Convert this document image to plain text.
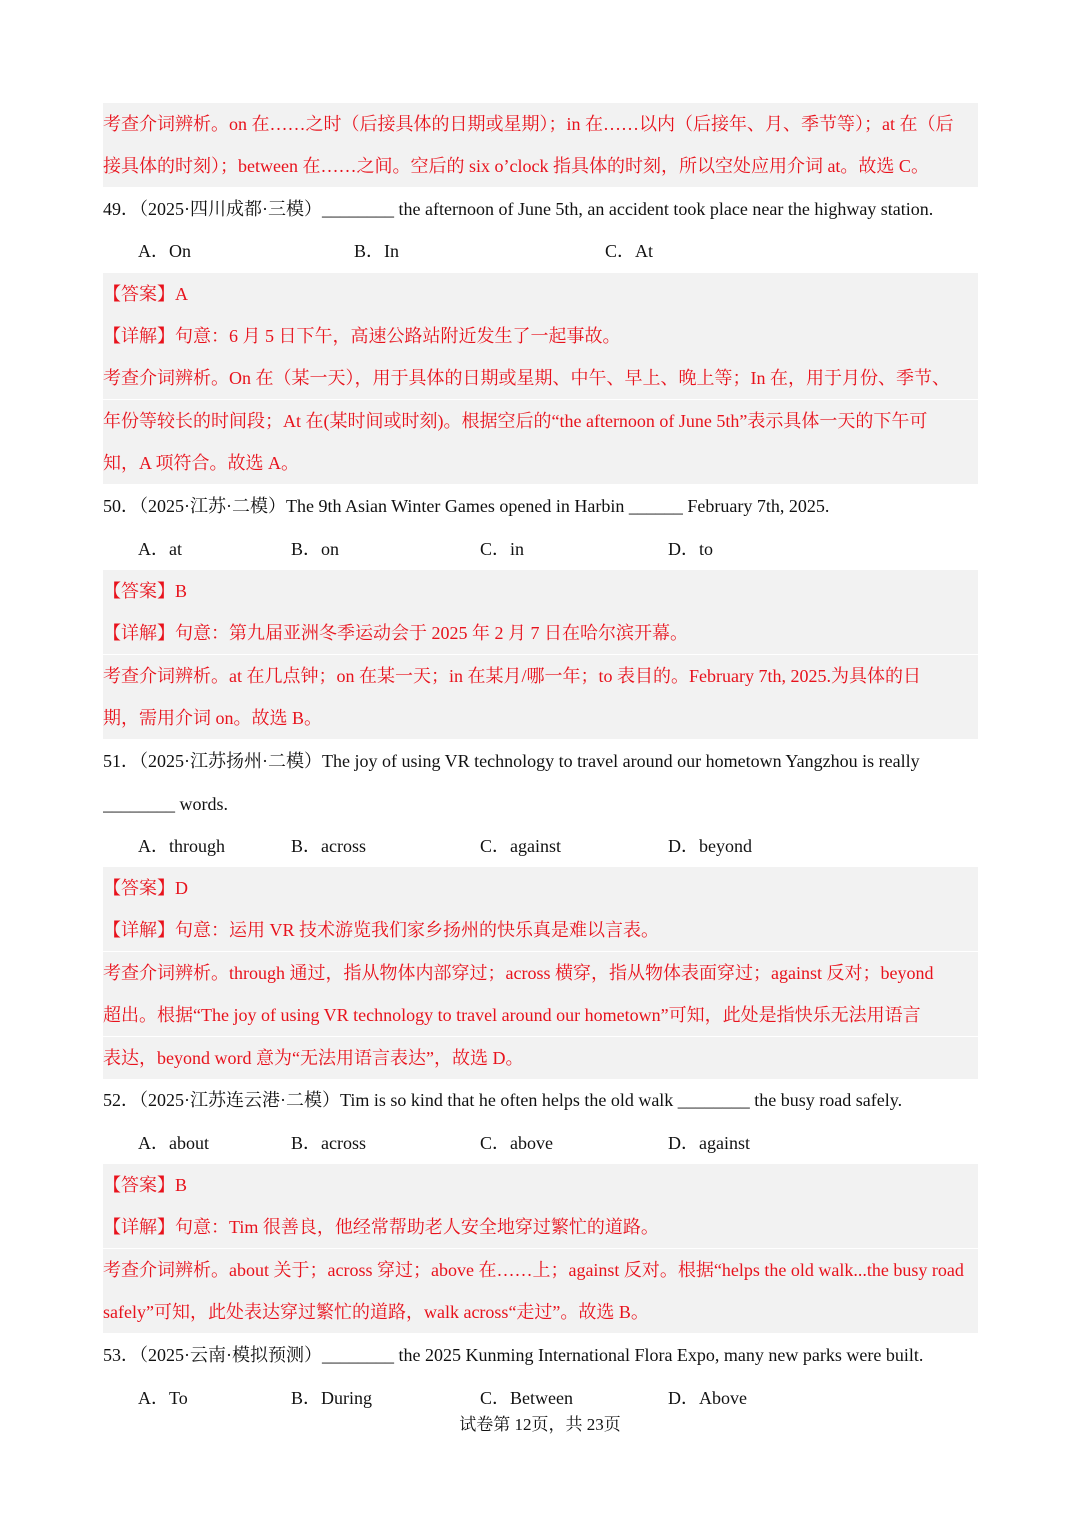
考查介词辨析。on 在……之时（后接具体的日期或星期）；in 在……以内（后接年、月、季节等）；at 在（后
接具体的时刻）；between 在……之间。空后的 six o’clock 指具体的时刻，所以空处应用介词 at。故选 C。
49．（2025·四川成都·三模）________ the afternoon of June 5th, an accident took place near the highway station.
A．On	B．In	C．At
【答案】A
【详解】句意：6 月 5 日下午，高速公路站附近发生了一起事故。
考查介词辨析。On 在（某一天），用于具体的日期或星期、中午、早上、晚上等；In 在，用于月份、季节、
年份等较长的时间段；At 在(某时间或时刻)。根据空后的“the afternoon of June 5th”表示具体一天的下午可
知，A 项符合。故选 A。
50．（2025·江苏·二模）The 9th Asian Winter Games opened in Harbin ______ February 7th, 2025.
A．at	B．on	C．in	D．to
【答案】B
【详解】句意：第九届亚洲冬季运动会于 2025 年 2 月 7 日在哈尔滨开幕。
考查介词辨析。at 在几点钟；on 在某一天；in 在某月/哪一年；to 表目的。February 7th, 2025.为具体的日
期，需用介词 on。故选 B。
51．（2025·江苏扬州·二模）The joy of using VR technology to travel around our hometown Yangzhou is really
________ words.
A．through	B．across	C．against	D．beyond
【答案】D
【详解】句意：运用 VR 技术游览我们家乡扬州的快乐真是难以言表。
考查介词辨析。through 通过，指从物体内部穿过；across 横穿，指从物体表面穿过；against 反对；beyond
超出。根据“The joy of using VR technology to travel around our hometown”可知，此处是指快乐无法用语言
表达，beyond word 意为“无法用语言表达”，故选 D。
52．（2025·江苏连云港·二模）Tim is so kind that he often helps the old walk ________ the busy road safely.
A．about	B．across	C．above	D．against
【答案】B
【详解】句意：Tim 很善良，他经常帮助老人安全地穿过繁忙的道路。
考查介词辨析。about 关于；across 穿过；above 在……上；against 反对。根据“helps the old walk...the busy road
safely”可知，此处表达穿过繁忙的道路，walk across“走过”。故选 B。
53．（2025·云南·模拟预测）________ the 2025 Kunming International Flora Expo, many new parks were built.
A．To	B．During	C．Between	D．Above
试卷第 12页，共 23页
